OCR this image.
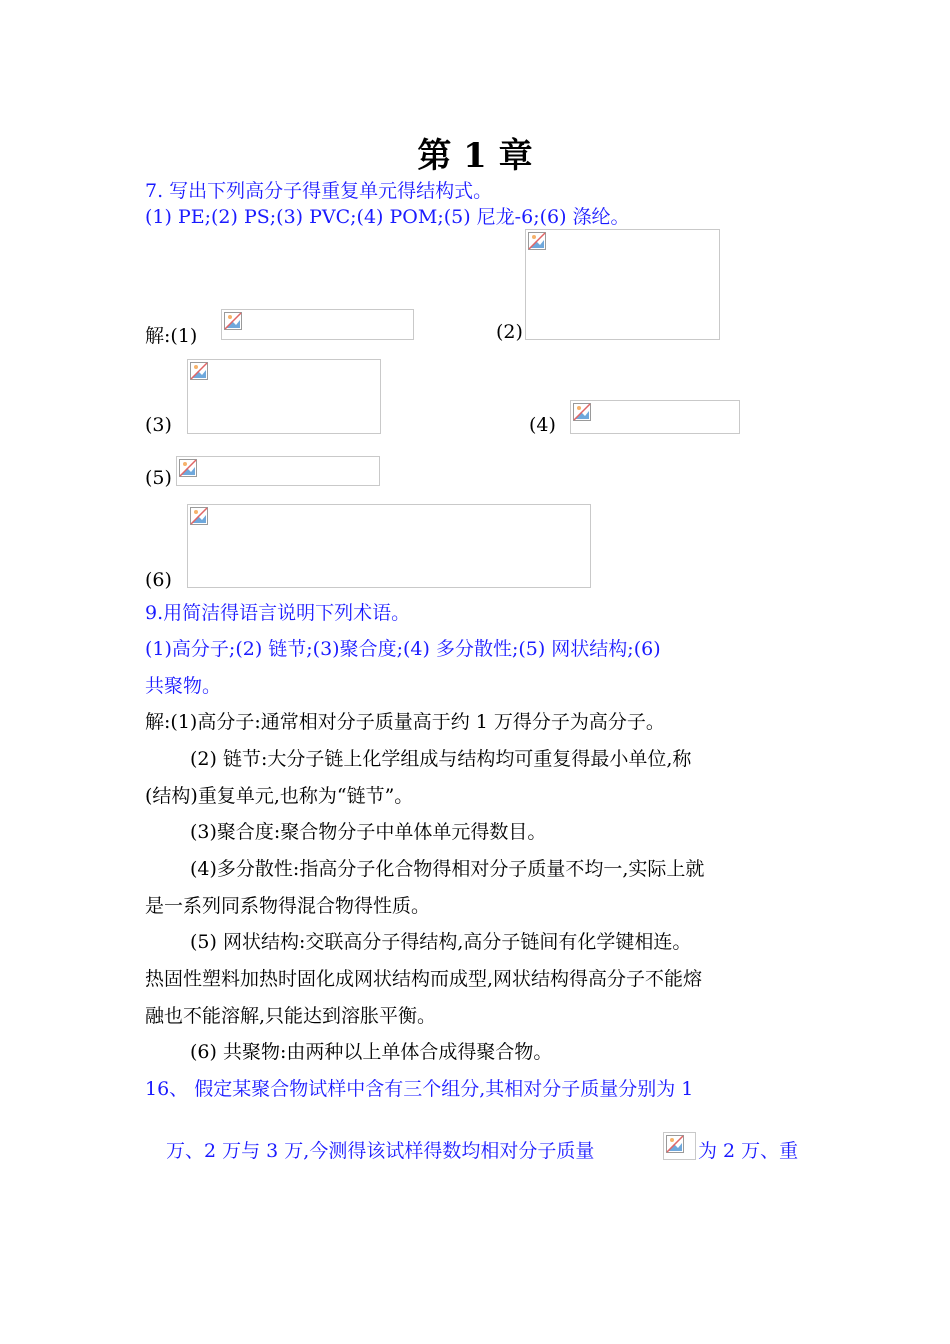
第 1 章
7. 写出下列高分子得重复单元得结构式。
(1) PE;(2) PS;(3) PVC;(4) POM;(5) 尼龙-6;(6) 涤纶。
解:(1)	(2)
(3)	(4)
(5)
(6)
9.用简洁得语言说明下列术语。
(1)高分子;(2) 链节;(3)聚合度;(4) 多分散性;(5) 网状结构;(6)
共聚物。
解:(1)高分子:通常相对分子质量高于约 1 万得分子为高分子。
(2) 链节:大分子链上化学组成与结构均可重复得最小单位,称
(结构)重复单元,也称为“链节”。
(3)聚合度:聚合物分子中单体单元得数目。
(4)多分散性:指高分子化合物得相对分子质量不均一,实际上就
是一系列同系物得混合物得性质。
(5) 网状结构:交联高分子得结构,高分子链间有化学键相连。
热固性塑料加热时固化成网状结构而成型,网状结构得高分子不能熔
融也不能溶解,只能达到溶胀平衡。
(6) 共聚物:由两种以上单体合成得聚合物。
16、 假定某聚合物试样中含有三个组分,其相对分子质量分别为 1
万、2 万与 3 万,今测得该试样得数均相对分子质量	为 2 万、重
